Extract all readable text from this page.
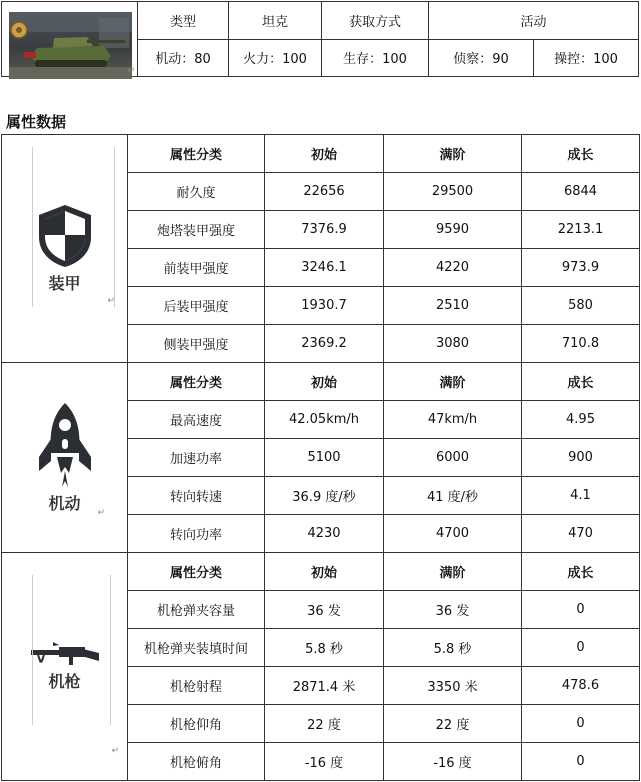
↵	类型	坦克	获取方式	活动	
	机动：80	火力：100	生存：100	侦察：90	操控：100
属性数据
装甲
↵	属性分类	初始	满阶	成长
	耐久度	22656	29500	6844
	炮塔装甲强度	7376.9	9590	2213.1
	前装甲强度	3246.1	4220	973.9
	后装甲强度	1930.7	2510	580
	侧装甲强度	2369.2	3080	710.8

机动 ↵	属性分类	初始	满阶	成长
	最高速度	42.05km/h	47km/h	4.95
	加速功率	5100	6000	900
	转向转速	36.9 度/秒	41 度/秒	4.1
	转向功率	4230	4700	470

机枪
↵	属性分类	初始	满阶	成长
	机枪弹夹容量	36 发	36 发	0
	机枪弹夹装填时间	5.8 秒	5.8 秒	0
	机枪射程	2871.4 米	3350 米	478.6
	机枪仰角	22 度	22 度	0
	机枪俯角	-16 度	-16 度	0
